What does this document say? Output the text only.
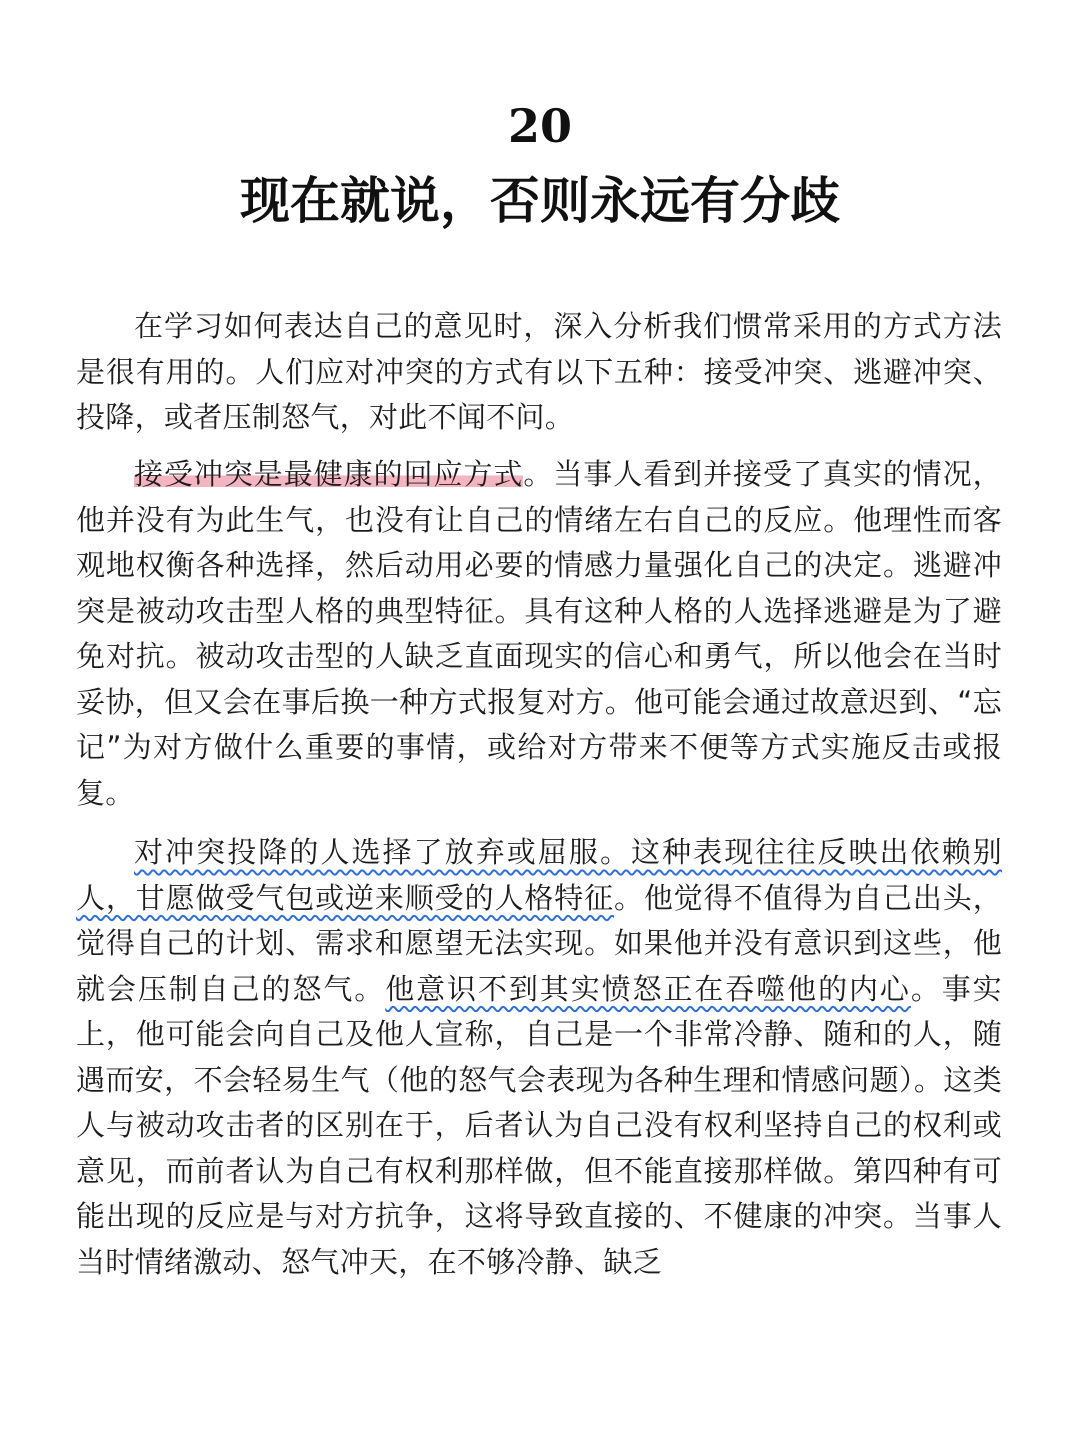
20
现在就说，否则永远有分歧

在学习如何表达自己的意见时，深入分析我们惯常采用的方式方法是很有用的。人们应对冲突的方式有以下五种：接受冲突、逃避冲突、投降，或者压制怒气，对此不闻不问。

接受冲突是最健康的回应方式。当事人看到并接受了真实的情况，他并没有为此生气，也没有让自己的情绪左右自己的反应。他理性而客观地权衡各种选择，然后动用必要的情感力量强化自己的决定。逃避冲突是被动攻击型人格的典型特征。具有这种人格的人选择逃避是为了避免对抗。被动攻击型的人缺乏直面现实的信心和勇气，所以他会在当时妥协，但又会在事后换一种方式报复对方。他可能会通过故意迟到、“忘记”为对方做什么重要的事情，或给对方带来不便等方式实施反击或报复。

对冲突投降的人选择了放弃或屈服。这种表现往往反映出依赖别人，甘愿做受气包或逆来顺受的人格特征。他觉得不值得为自己出头，觉得自己的计划、需求和愿望无法实现。如果他并没有意识到这些，他就会压制自己的怒气。他意识不到其实愤怒正在吞噬他的内心。事实上，他可能会向自己及他人宣称，自己是一个非常冷静、随和的人，随遇而安，不会轻易生气（他的怒气会表现为各种生理和情感问题）。这类人与被动攻击者的区别在于，后者认为自己没有权利坚持自己的权利或意见，而前者认为自己有权利那样做，但不能直接那样做。第四种有可能出现的反应是与对方抗争，这将导致直接的、不健康的冲突。当事人当时情绪激动、怒气冲天，在不够冷静、缺乏
